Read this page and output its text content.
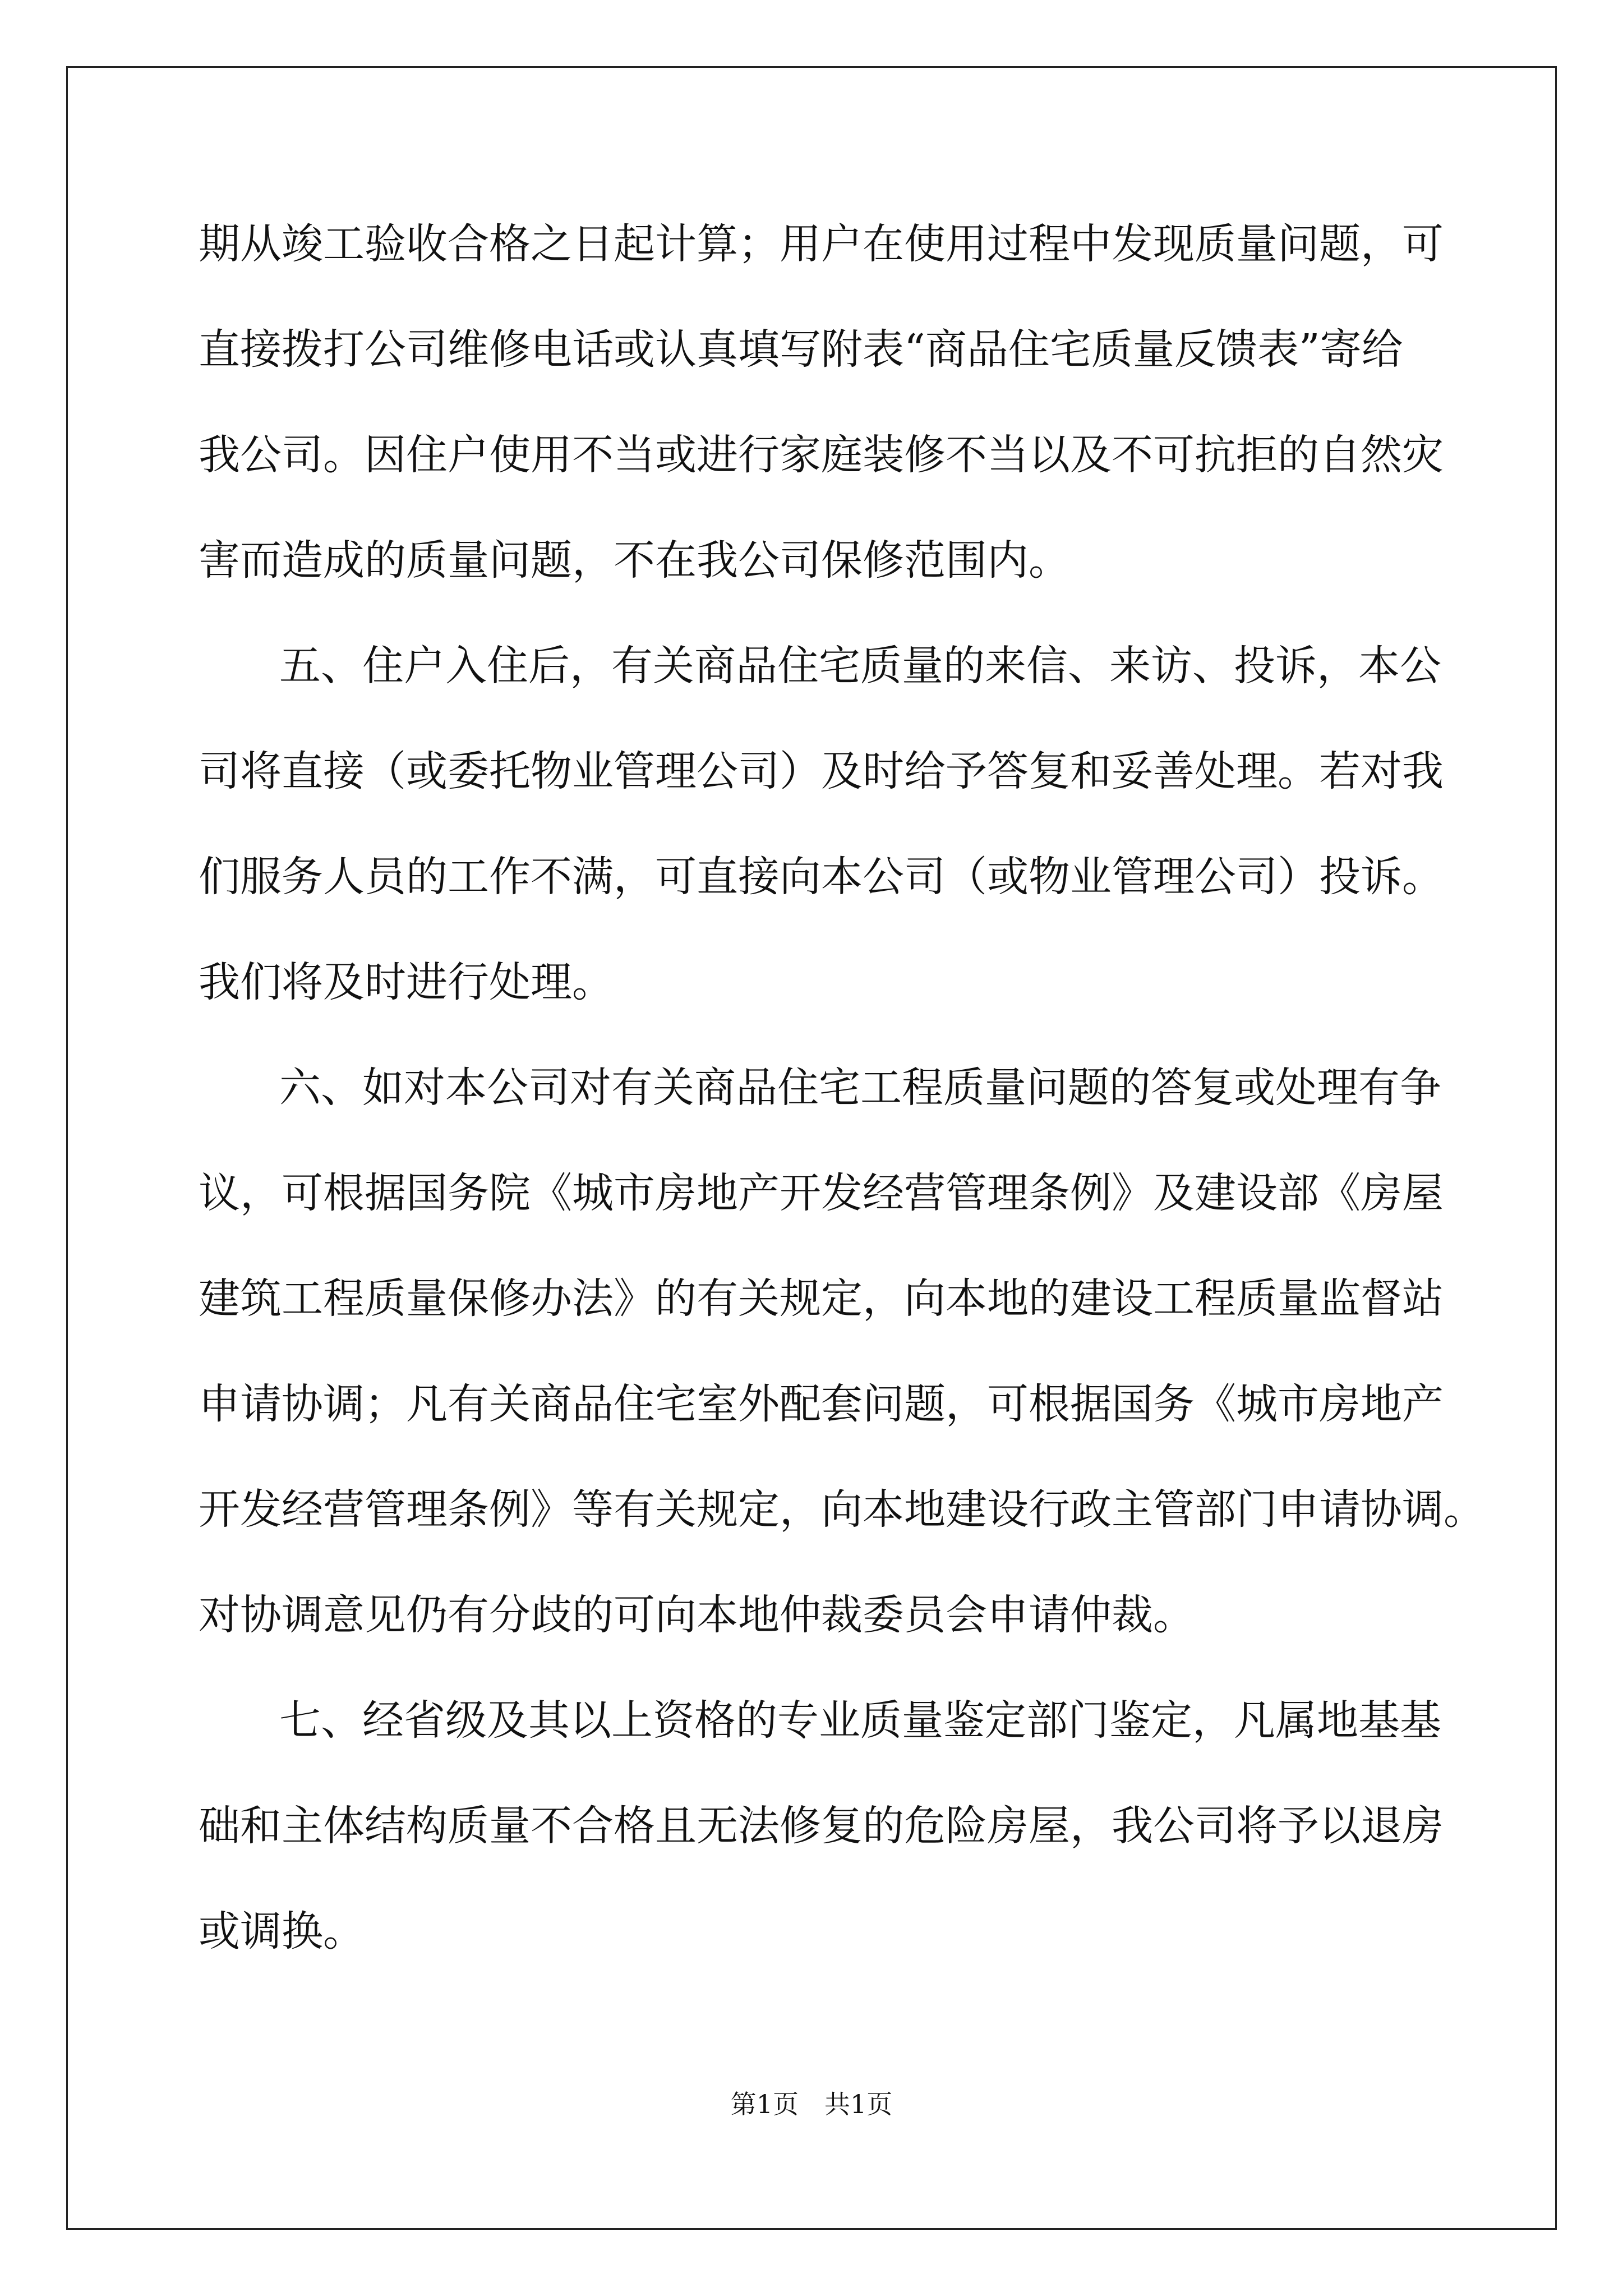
期从竣工验收合格之日起计算；用户在使用过程中发现质量问题，可
直接拨打公司维修电话或认真填写附表“商品住宅质量反馈表”寄给
我公司。因住户使用不当或进行家庭装修不当以及不可抗拒的自然灾
害而造成的质量问题，不在我公司保修范围内。
五、住户入住后，有关商品住宅质量的来信、来访、投诉，本公
司将直接（或委托物业管理公司）及时给予答复和妥善处理。若对我
们服务人员的工作不满，可直接向本公司（或物业管理公司）投诉。
我们将及时进行处理。
六、如对本公司对有关商品住宅工程质量问题的答复或处理有争
议，可根据国务院《城市房地产开发经营管理条例》及建设部《房屋
建筑工程质量保修办法》的有关规定，向本地的建设工程质量监督站
申请协调；凡有关商品住宅室外配套问题，可根据国务《城市房地产
开发经营管理条例》等有关规定，向本地建设行政主管部门申请协调。
对协调意见仍有分歧的可向本地仲裁委员会申请仲裁。
七、经省级及其以上资格的专业质量鉴定部门鉴定，凡属地基基
础和主体结构质量不合格且无法修复的危险房屋，我公司将予以退房
或调换。
第1页　共1页
